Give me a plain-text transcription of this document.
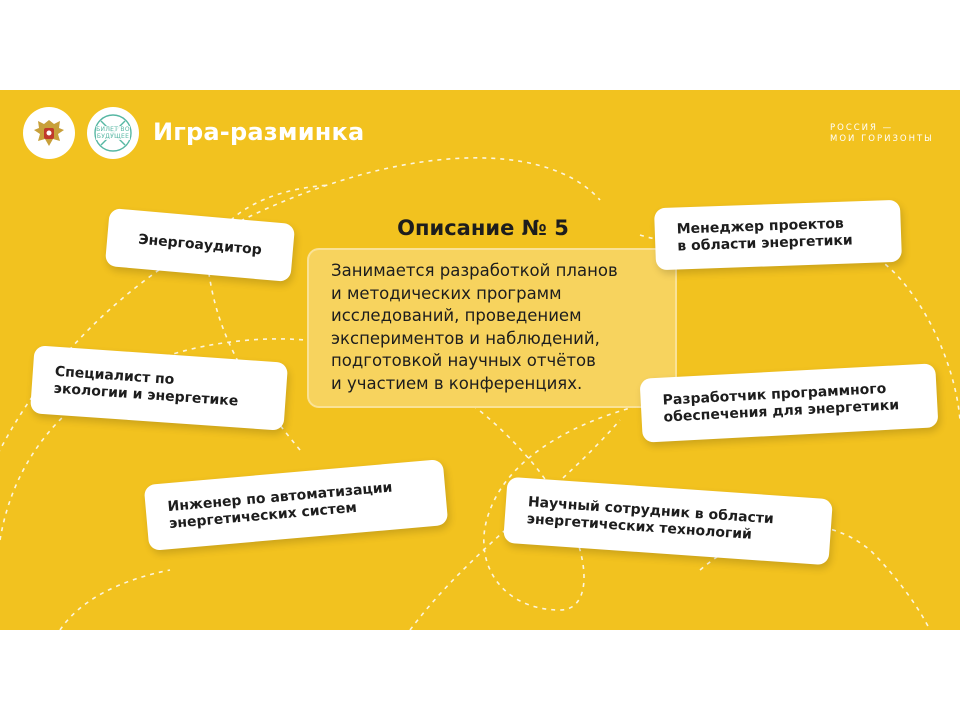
БИЛЕТ ВО
БУДУЩЕЕ Игра-разминка	РОССИЯ —
МОИ ГОРИЗОНТЫ
Описание № 5
Занимается разработкой планов
и методических программ
исследований, проведением
экспериментов и наблюдений,
подготовкой научных отчётов
и участием в конференциях.
Энергоаудитор
Специалист по
экологии и энергетике
Инженер по автоматизации
энергетических систем
Менеджер проектов
в области энергетики
Разработчик программного
обеспечения для энергетики
Научный сотрудник в области
энергетических технологий
